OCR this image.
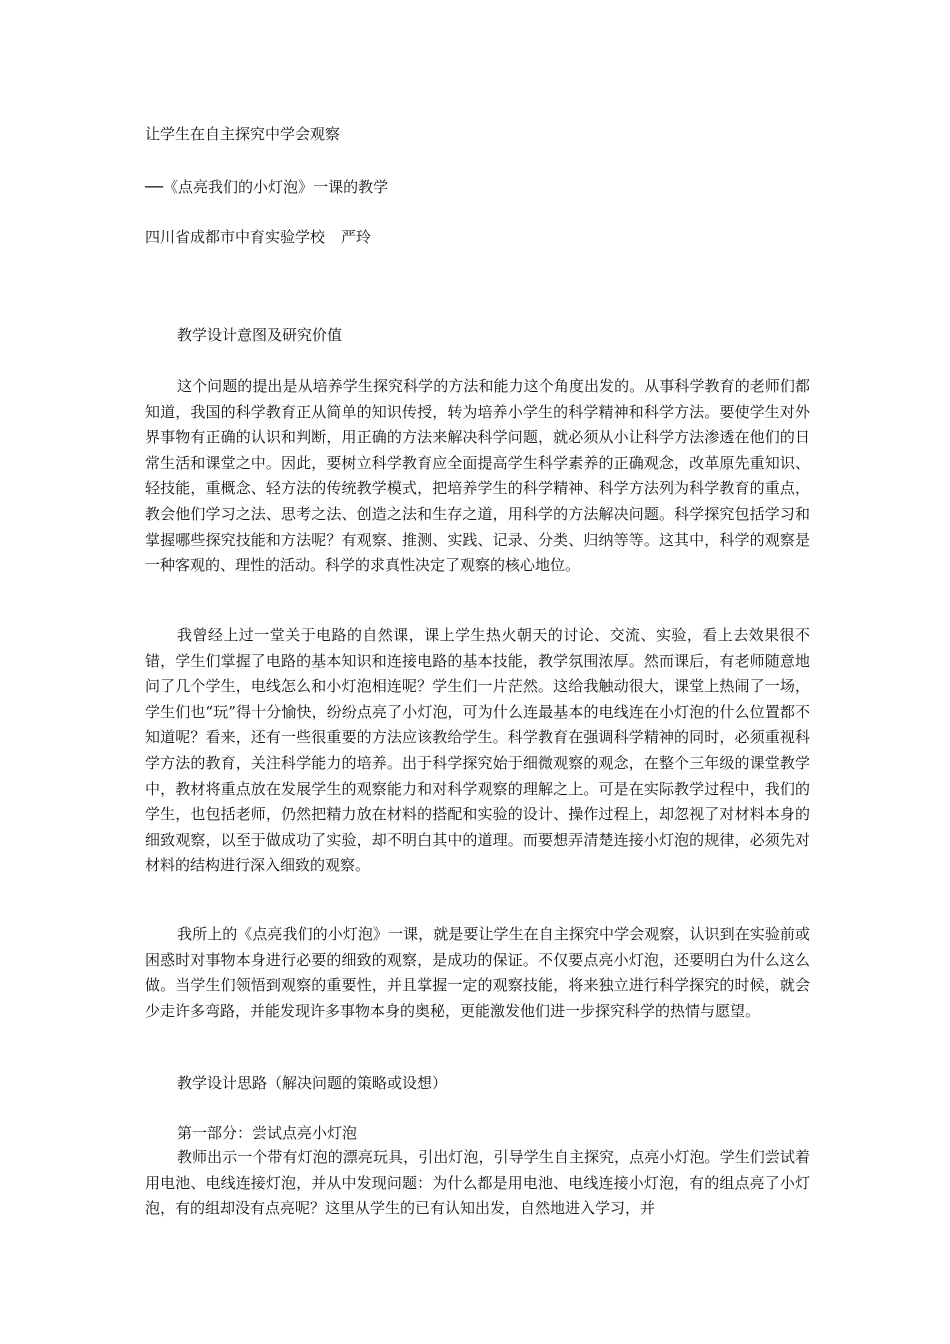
让学生在自主探究中学会观察
──《点亮我们的小灯泡》一课的教学
四川省成都市中育实验学校 严玲
教学设计意图及研究价值
这个问题的提出是从培养学生探究科学的方法和能力这个角度出发的。从事科学教育的老师们都知道，我国的科学教育正从简单的知识传授，转为培养小学生的科学精神和科学方法。要使学生对外界事物有正确的认识和判断，用正确的方法来解决科学问题，就必须从小让科学方法渗透在他们的日常生活和课堂之中。因此，要树立科学教育应全面提高学生科学素养的正确观念，改革原先重知识、轻技能，重概念、轻方法的传统教学模式，把培养学生的科学精神、科学方法列为科学教育的重点，教会他们学习之法、思考之法、创造之法和生存之道，用科学的方法解决问题。科学探究包括学习和掌握哪些探究技能和方法呢？有观察、推测、实践、记录、分类、归纳等等。这其中，科学的观察是一种客观的、理性的活动。科学的求真性决定了观察的核心地位。
我曾经上过一堂关于电路的自然课，课上学生热火朝天的讨论、交流、实验，看上去效果很不错，学生们掌握了电路的基本知识和连接电路的基本技能，教学氛围浓厚。然而课后，有老师随意地问了几个学生，电线怎么和小灯泡相连呢？学生们一片茫然。这给我触动很大，课堂上热闹了一场，学生们也“玩”得十分愉快，纷纷点亮了小灯泡，可为什么连最基本的电线连在小灯泡的什么位置都不知道呢？看来，还有一些很重要的方法应该教给学生。科学教育在强调科学精神的同时，必须重视科学方法的教育，关注科学能力的培养。出于科学探究始于细微观察的观念，在整个三年级的课堂教学中，教材将重点放在发展学生的观察能力和对科学观察的理解之上。可是在实际教学过程中，我们的学生，也包括老师，仍然把精力放在材料的搭配和实验的设计、操作过程上，却忽视了对材料本身的细致观察，以至于做成功了实验，却不明白其中的道理。而要想弄清楚连接小灯泡的规律，必须先对材料的结构进行深入细致的观察。
我所上的《点亮我们的小灯泡》一课，就是要让学生在自主探究中学会观察，认识到在实验前或困惑时对事物本身进行必要的细致的观察，是成功的保证。不仅要点亮小灯泡，还要明白为什么这么做。当学生们领悟到观察的重要性，并且掌握一定的观察技能，将来独立进行科学探究的时候，就会少走许多弯路，并能发现许多事物本身的奥秘，更能激发他们进一步探究科学的热情与愿望。
教学设计思路（解决问题的策略或设想）
第一部分：尝试点亮小灯泡
教师出示一个带有灯泡的漂亮玩具，引出灯泡，引导学生自主探究，点亮小灯泡。学生们尝试着用电池、电线连接灯泡，并从中发现问题：为什么都是用电池、电线连接小灯泡，有的组点亮了小灯泡，有的组却没有点亮呢？这里从学生的已有认知出发，自然地进入学习，并
